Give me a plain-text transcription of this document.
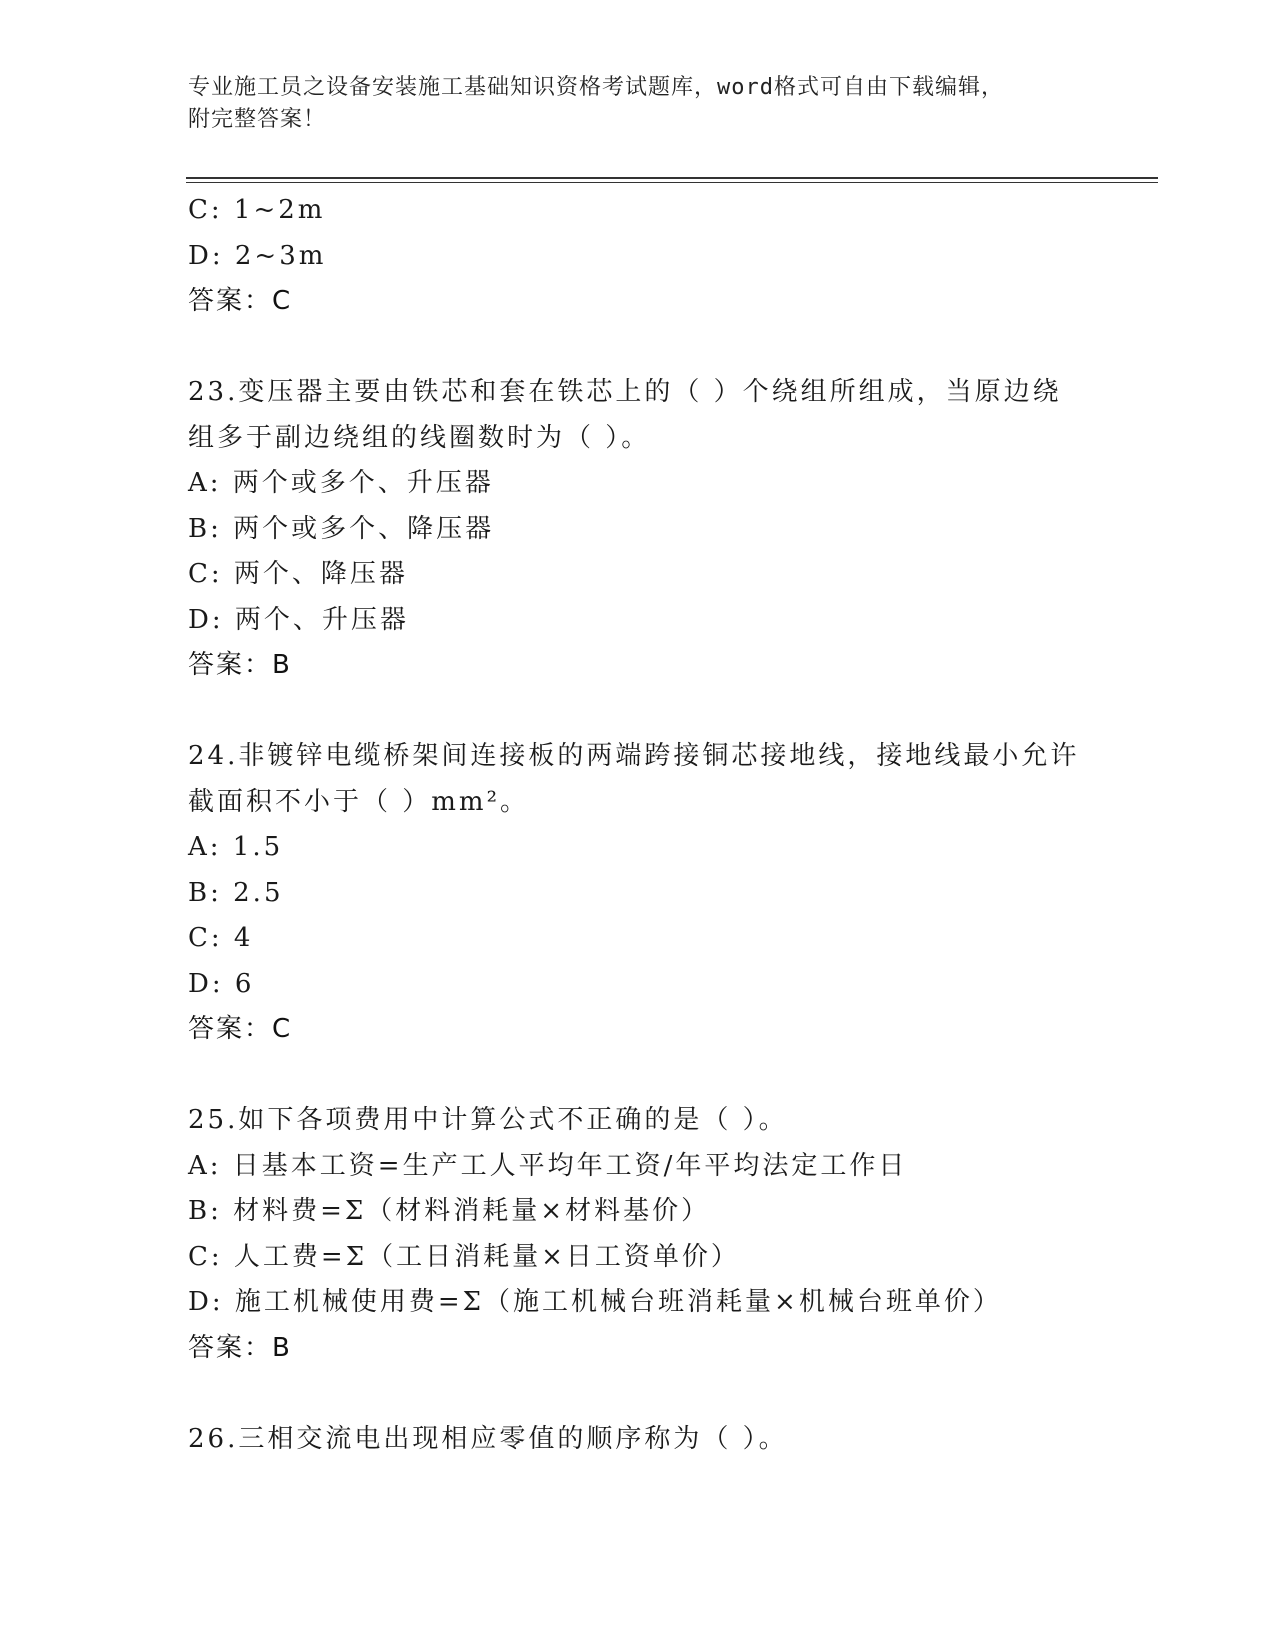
专业施工员之设备安装施工基础知识资格考试题库，word格式可自由下载编辑，
附完整答案！
C: 1~2m
D: 2~3m
答案：C
23.变压器主要由铁芯和套在铁芯上的（ ）个绕组所组成，当原边绕
组多于副边绕组的线圈数时为（ ）。
A: 两个或多个、升压器
B: 两个或多个、降压器
C: 两个、降压器
D: 两个、升压器
答案：B
24.非镀锌电缆桥架间连接板的两端跨接铜芯接地线，接地线最小允许
截面积不小于（ ）mm²。
A: 1.5
B: 2.5
C: 4
D: 6
答案：C
25.如下各项费用中计算公式不正确的是（ ）。
A: 日基本工资=生产工人平均年工资/年平均法定工作日
B: 材料费=Σ（材料消耗量×材料基价）
C: 人工费=Σ（工日消耗量×日工资单价）
D: 施工机械使用费=Σ（施工机械台班消耗量×机械台班单价）
答案：B
26.三相交流电出现相应零值的顺序称为（ ）。
